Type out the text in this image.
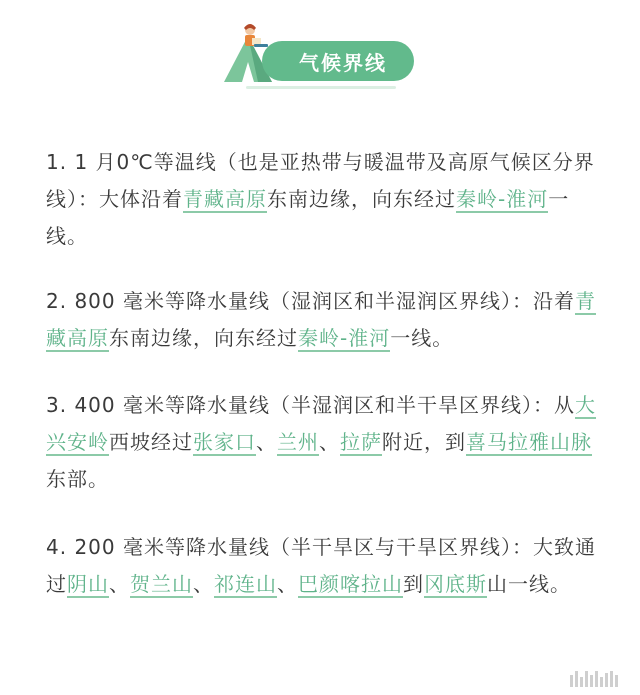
气候界线
1. 1 月0℃等温线（也是亚热带与暖温带及高原气候区分界线）：大体沿着青藏高原东南边缘，向东经过秦岭-淮河一线。
2. 800 毫米等降水量线（湿润区和半湿润区界线）：沿着青藏高原东南边缘，向东经过秦岭-淮河一线。
3. 400 毫米等降水量线（半湿润区和半干旱区界线）：从大兴安岭西坡经过张家口、兰州、拉萨附近，到喜马拉雅山脉东部。
4. 200 毫米等降水量线（半干旱区与干旱区界线）：大致通过阴山、贺兰山、祁连山、巴颜喀拉山到冈底斯山一线。
